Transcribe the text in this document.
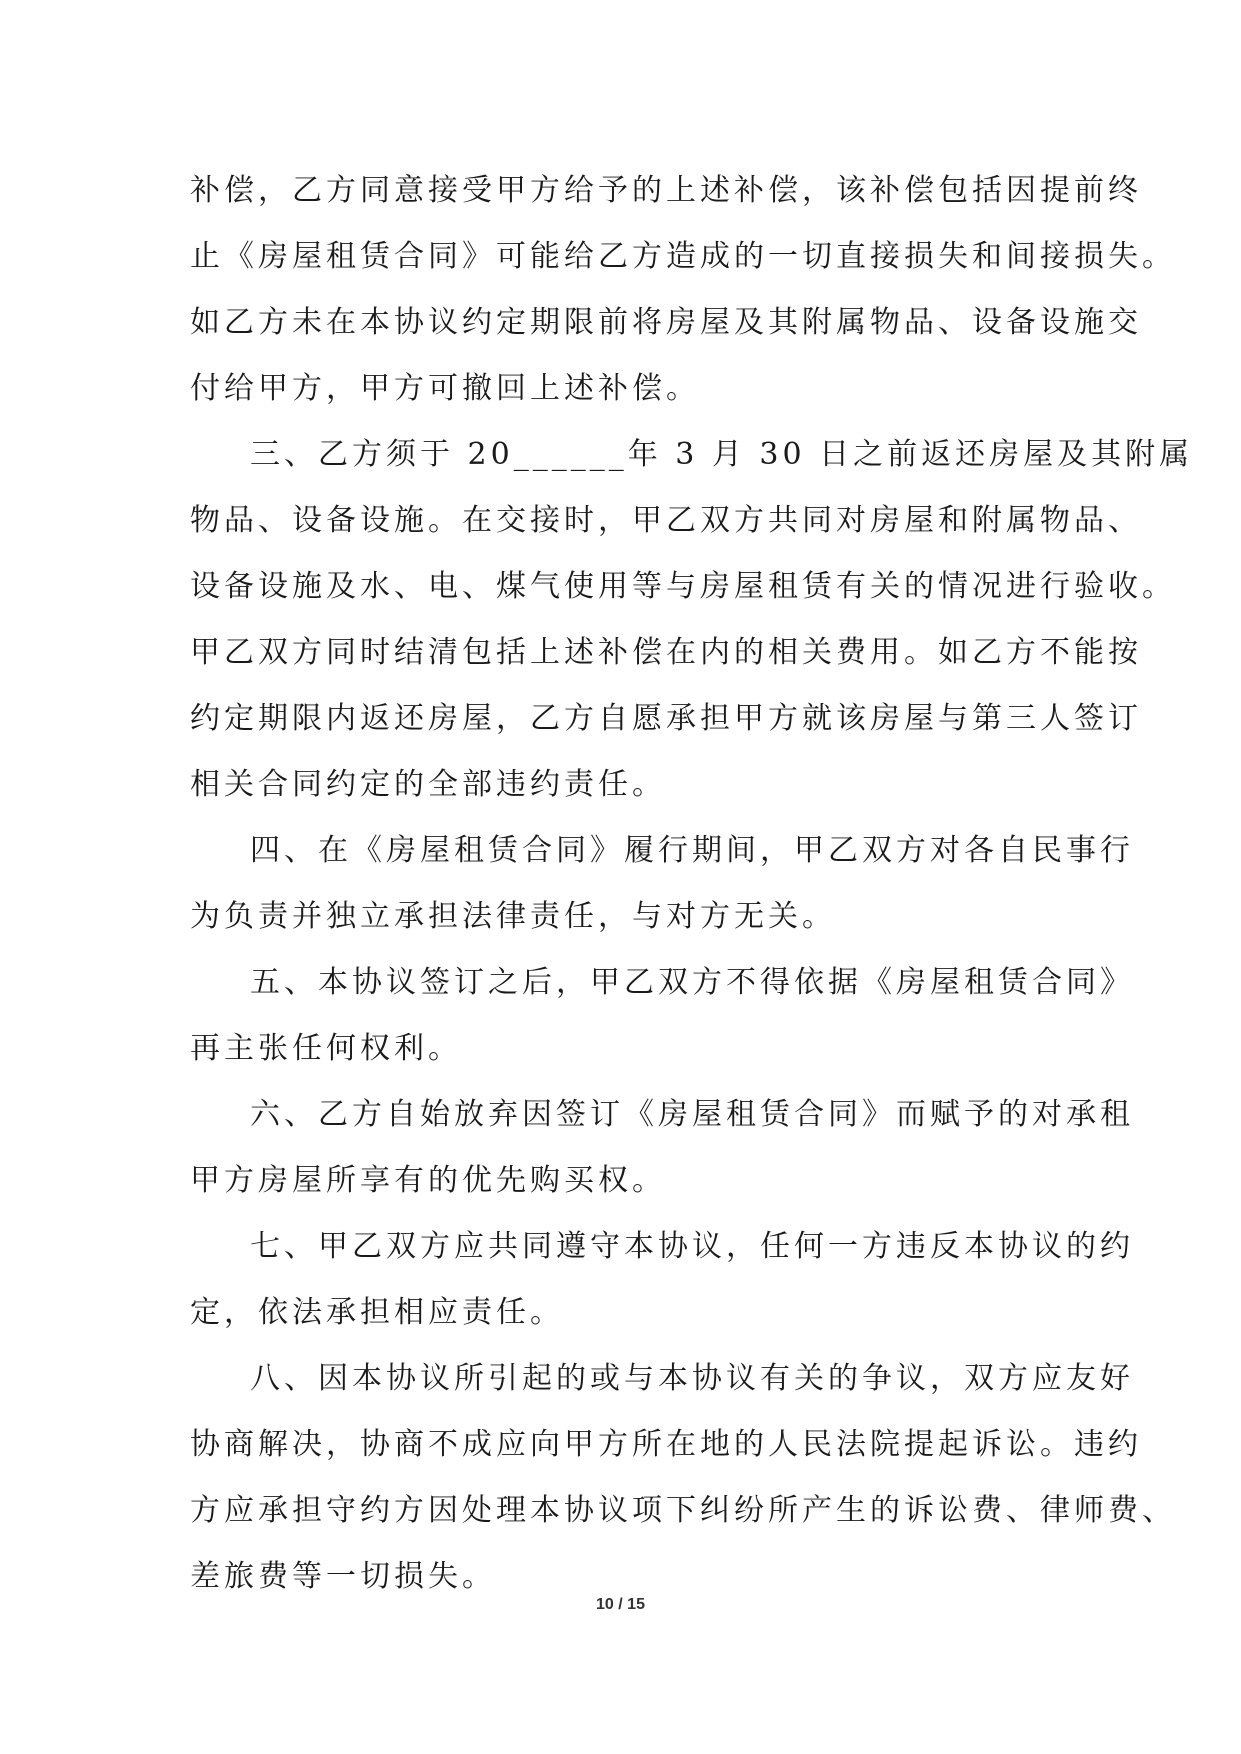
补偿，乙方同意接受甲方给予的上述补偿，该补偿包括因提前终
止《房屋租赁合同》可能给乙方造成的一切直接损失和间接损失。
如乙方未在本协议约定期限前将房屋及其附属物品、设备设施交
付给甲方，甲方可撤回上述补偿。
三、乙方须于 20______年 3 月 30 日之前返还房屋及其附属
物品、设备设施。在交接时，甲乙双方共同对房屋和附属物品、
设备设施及水、电、煤气使用等与房屋租赁有关的情况进行验收。
甲乙双方同时结清包括上述补偿在内的相关费用。如乙方不能按
约定期限内返还房屋，乙方自愿承担甲方就该房屋与第三人签订
相关合同约定的全部违约责任。
四、在《房屋租赁合同》履行期间，甲乙双方对各自民事行
为负责并独立承担法律责任，与对方无关。
五、本协议签订之后，甲乙双方不得依据《房屋租赁合同》
再主张任何权利。
六、乙方自始放弃因签订《房屋租赁合同》而赋予的对承租
甲方房屋所享有的优先购买权。
七、甲乙双方应共同遵守本协议，任何一方违反本协议的约
定，依法承担相应责任。
八、因本协议所引起的或与本协议有关的争议，双方应友好
协商解决，协商不成应向甲方所在地的人民法院提起诉讼。违约
方应承担守约方因处理本协议项下纠纷所产生的诉讼费、律师费、
差旅费等一切损失。
10 / 15
